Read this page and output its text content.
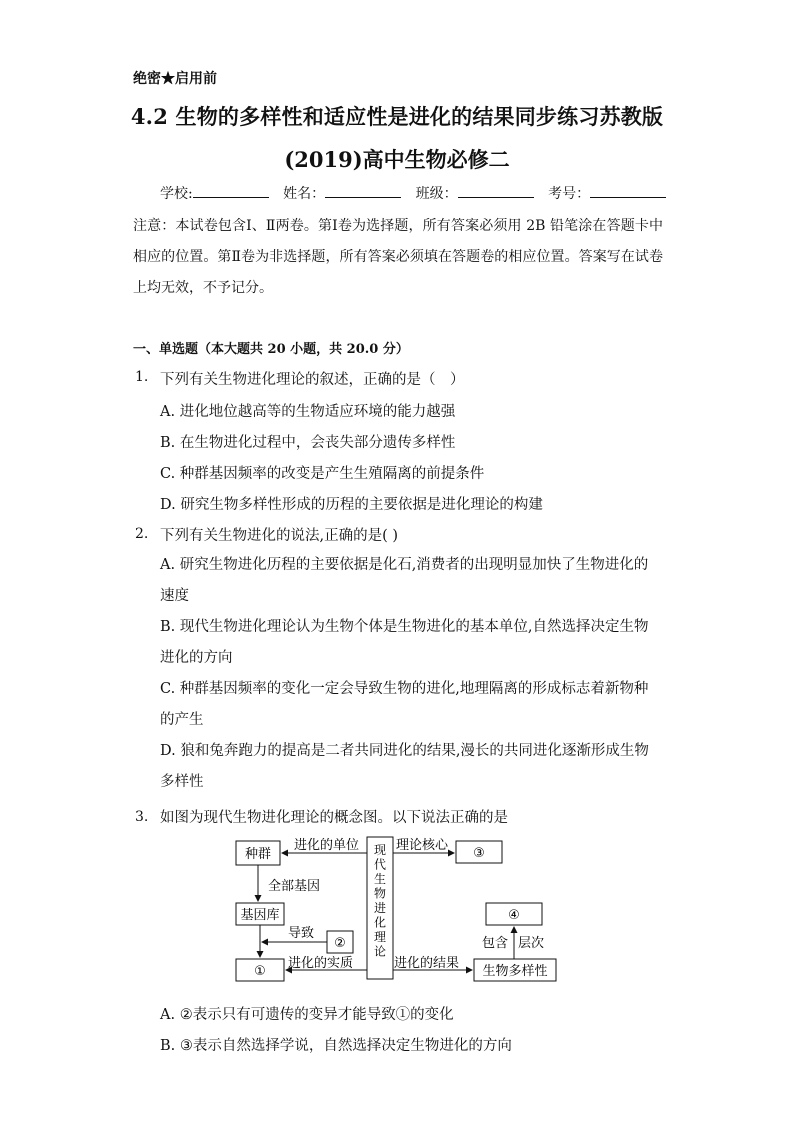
绝密★启用前
4.2 生物的多样性和适应性是进化的结果同步练习苏教版
(2019)高中生物必修二
学校:	姓名：	班级：	考号：
注意：本试卷包含Ⅰ、Ⅱ两卷。第Ⅰ卷为选择题，所有答案必须用 2B 铅笔涂在答题卡中相应的位置。第Ⅱ卷为非选择题，所有答案必须填在答题卷的相应位置。答案写在试卷上均无效，不予记分。
一、单选题（本大题共 20 小题，共 20.0 分）
1. 下列有关生物进化理论的叙述，正确的是（　）
A. 进化地位越高等的生物适应环境的能力越强
B. 在生物进化过程中，会丧失部分遗传多样性
C. 种群基因频率的改变是产生生殖隔离的前提条件
D. 研究生物多样性形成的历程的主要依据是进化理论的构建
2. 下列有关生物进化的说法,正确的是( )
A. 研究生物进化历程的主要依据是化石,消费者的出现明显加快了生物进化的速度
B. 现代生物进化理论认为生物个体是生物进化的基本单位,自然选择决定生物进化的方向
C. 种群基因频率的变化一定会导致生物的进化,地理隔离的形成标志着新物种的产生
D. 狼和兔奔跑力的提高是二者共同进化的结果,漫长的共同进化逐渐形成生物多样性
3. 如图为现代生物进化理论的概念图。以下说法正确的是
种群
基因库
①
②
③
④
生物多样性
现代生物进化理论
进化的单位	理论核心
全部基因
导致
进化的实质	进化的结果
包含 层次
A. ②表示只有可遗传的变异才能导致①的变化
B. ③表示自然选择学说，自然选择决定生物进化的方向
